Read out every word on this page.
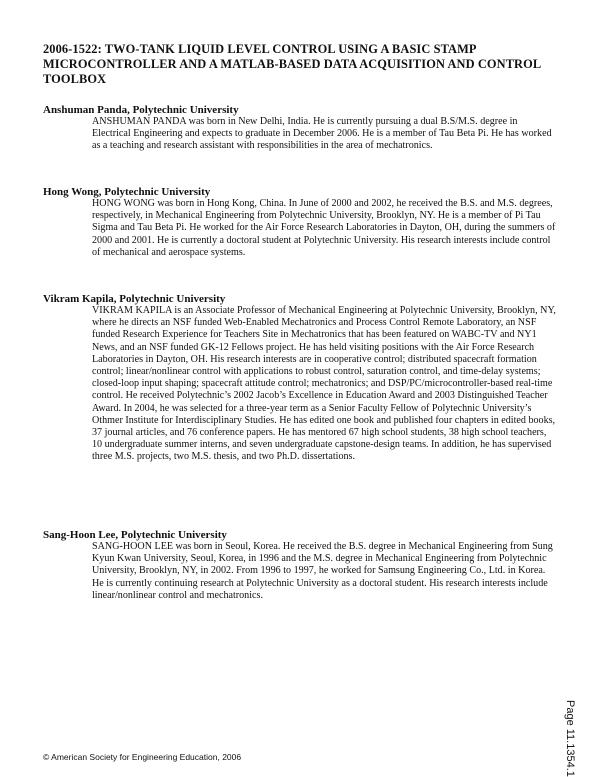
2006-1522: TWO-TANK LIQUID LEVEL CONTROL USING A BASIC STAMP MICROCONTROLLER AND A MATLAB-BASED DATA ACQUISITION AND CONTROL TOOLBOX
Anshuman Panda, Polytechnic University
ANSHUMAN PANDA was born in New Delhi, India. He is currently pursuing a dual B.S/M.S. degree in Electrical Engineering and expects to graduate in December 2006. He is a member of Tau Beta Pi. He has worked as a teaching and research assistant with responsibilities in the area of mechatronics.
Hong Wong, Polytechnic University
HONG WONG was born in Hong Kong, China. In June of 2000 and 2002, he received the B.S. and M.S. degrees, respectively, in Mechanical Engineering from Polytechnic University, Brooklyn, NY. He is a member of Pi Tau Sigma and Tau Beta Pi. He worked for the Air Force Research Laboratories in Dayton, OH, during the summers of 2000 and 2001. He is currently a doctoral student at Polytechnic University. His research interests include control of mechanical and aerospace systems.
Vikram Kapila, Polytechnic University
VIKRAM KAPILA is an Associate Professor of Mechanical Engineering at Polytechnic University, Brooklyn, NY, where he directs an NSF funded Web-Enabled Mechatronics and Process Control Remote Laboratory, an NSF funded Research Experience for Teachers Site in Mechatronics that has been featured on WABC-TV and NY1 News, and an NSF funded GK-12 Fellows project. He has held visiting positions with the Air Force Research Laboratories in Dayton, OH. His research interests are in cooperative control; distributed spacecraft formation control; linear/nonlinear control with applications to robust control, saturation control, and time-delay systems; closed-loop input shaping; spacecraft attitude control; mechatronics; and DSP/PC/microcontroller-based real-time control. He received Polytechnic’s 2002 Jacob’s Excellence in Education Award and 2003 Distinguished Teacher Award. In 2004, he was selected for a three-year term as a Senior Faculty Fellow of Polytechnic University’s Othmer Institute for Interdisciplinary Studies. He has edited one book and published four chapters in edited books, 37 journal articles, and 76 conference papers. He has mentored 67 high school students, 38 high school teachers, 10 undergraduate summer interns, and seven undergraduate capstone-design teams. In addition, he has supervised three M.S. projects, two M.S. thesis, and two Ph.D. dissertations.
Sang-Hoon Lee, Polytechnic University
SANG-HOON LEE was born in Seoul, Korea. He received the B.S. degree in Mechanical Engineering from Sung Kyun Kwan University, Seoul, Korea, in 1996 and the M.S. degree in Mechanical Engineering from Polytechnic University, Brooklyn, NY, in 2002. From 1996 to 1997, he worked for Samsung Engineering Co., Ltd. in Korea. He is currently continuing research at Polytechnic University as a doctoral student. His research interests include linear/nonlinear control and mechatronics.
© American Society for Engineering Education, 2006	Page 11.1354.1
